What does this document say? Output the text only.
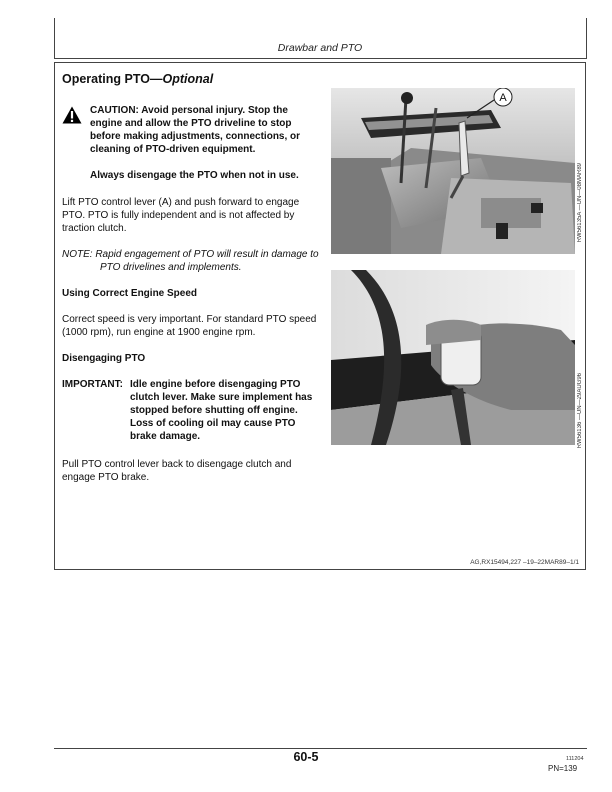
Drawbar and PTO
Operating PTO—Optional

CAUTION: Avoid personal injury. Stop the engine and allow the PTO driveline to stop before making adjustments, connections, or cleaning of PTO-driven equipment.

Always disengage the PTO when not in use.

Lift PTO control lever (A) and push forward to engage PTO. PTO is fully independent and is not affected by traction clutch.

NOTE: Rapid engagement of PTO will result in damage to PTO drivelines and implements.

Using Correct Engine Speed

Correct speed is very important. For standard PTO speed (1000 rpm), run engine at 1900 engine rpm.

Disengaging PTO

IMPORTANT: Idle engine before disengaging PTO clutch lever. Make sure implement has stopped before shutting off engine. Loss of cooling oil may cause PTO brake damage.

Pull PTO control lever back to disengage clutch and engage PTO brake.

A
RW56135A —UN—08MAR89
RW56136 —UN—29AUG96
AG,RX15494,227 –19–22MAR89–1/1
60-5	111204
PN=139
